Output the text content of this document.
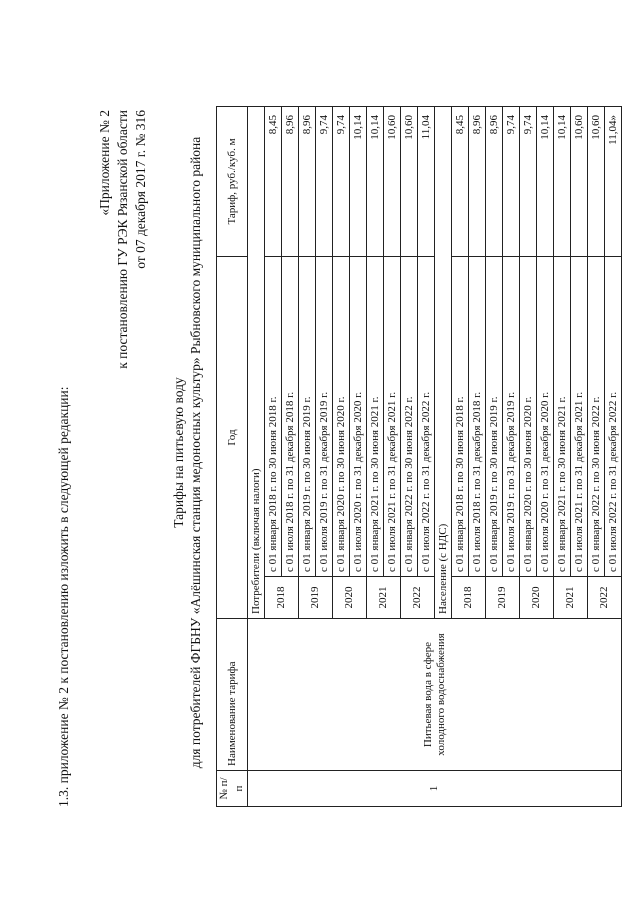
1.3. приложение № 2 к постановлению изложить в следующей редакции:
«Приложение № 2 к постановлению ГУ РЭК Рязанской области от 07 декабря 2017 г. № 316
Тарифы на питьевую воду для потребителей ФГБНУ «Алёшинская станция медоносных культур» Рыбновского муниципального района
№ п/п	Наименование тарифа	Год		Тариф, руб./куб. м
1	Питьевая вода в сфере холодного водоснабжения	Потребители (включая налоги)		
		2018	с 01 января 2018 г. по 30 июня 2018 г.	8,45
			с 01 июля 2018 г. по 31 декабря 2018 г.	8,96
		2019	с 01 января 2019 г. по 30 июня 2019 г.	8,96
			с 01 июля 2019 г. по 31 декабря 2019 г.	9,74
		2020	с 01 января 2020 г. по 30 июня 2020 г.	9,74
			с 01 июля 2020 г. по 31 декабря 2020 г.	10,14
		2021	с 01 января 2021 г. по 30 июня 2021 г.	10,14
			с 01 июля 2021 г. по 31 декабря 2021 г.	10,60
		2022	с 01 января 2022 г. по 30 июня 2022 г.	10,60
			с 01 июля 2022 г. по 31 декабря 2022 г.	11,04
		Население (с НДС)		
		2018	с 01 января 2018 г. по 30 июня 2018 г.	8,45
			с 01 июля 2018 г. по 31 декабря 2018 г.	8,96
		2019	с 01 января 2019 г. по 30 июня 2019 г.	8,96
			с 01 июля 2019 г. по 31 декабря 2019 г.	9,74
		2020	с 01 января 2020 г. по 30 июня 2020 г.	9,74
			с 01 июля 2020 г. по 31 декабря 2020 г.	10,14
		2021	с 01 января 2021 г. по 30 июня 2021 г.	10,14
			с 01 июля 2021 г. по 31 декабря 2021 г.	10,60
		2022	с 01 января 2022 г. по 30 июня 2022 г.	10,60
			с 01 июля 2022 г. по 31 декабря 2022 г.	11,04»
